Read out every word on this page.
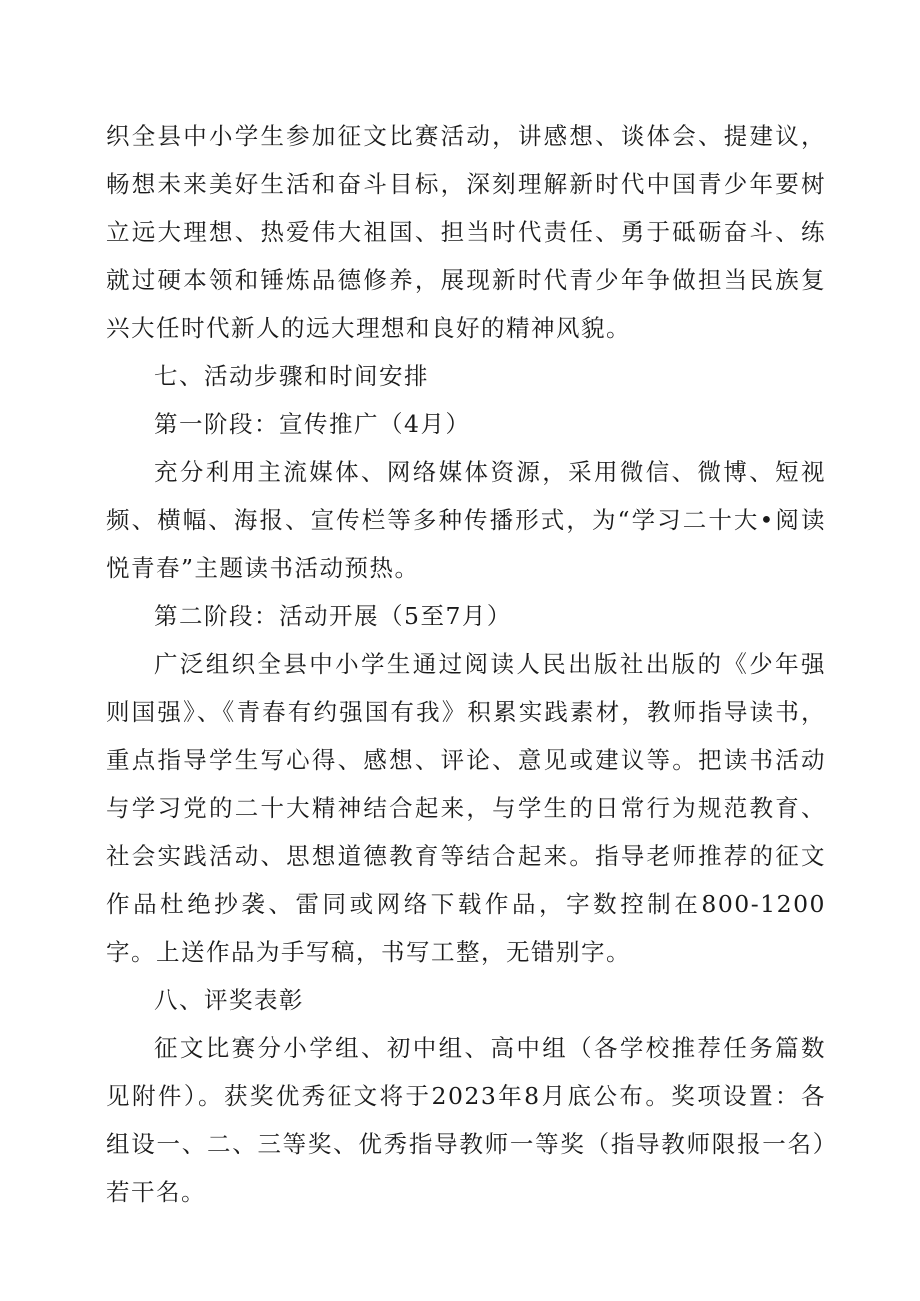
织全县中小学生参加征文比赛活动，讲感想、谈体会、提建议，畅想未来美好生活和奋斗目标，深刻理解新时代中国青少年要树立远大理想、热爱伟大祖国、担当时代责任、勇于砥砺奋斗、练就过硬本领和锤炼品德修养，展现新时代青少年争做担当民族复兴大任时代新人的远大理想和良好的精神风貌。

七、活动步骤和时间安排

第一阶段：宣传推广（4月）

充分利用主流媒体、网络媒体资源，采用微信、微博、短视频、横幅、海报、宣传栏等多种传播形式，为“学习二十大•阅读悦青春”主题读书活动预热。

第二阶段：活动开展（5至7月）

广泛组织全县中小学生通过阅读人民出版社出版的《少年强则国强》、《青春有约强国有我》积累实践素材，教师指导读书，重点指导学生写心得、感想、评论、意见或建议等。把读书活动与学习党的二十大精神结合起来，与学生的日常行为规范教育、社会实践活动、思想道德教育等结合起来。指导老师推荐的征文作品杜绝抄袭、雷同或网络下载作品，字数控制在800-1200字。上送作品为手写稿，书写工整，无错别字。

八、评奖表彰

征文比赛分小学组、初中组、高中组（各学校推荐任务篇数见附件）。获奖优秀征文将于2023年8月底公布。奖项设置：各组设一、二、三等奖、优秀指导教师一等奖（指导教师限报一名）若干名。
